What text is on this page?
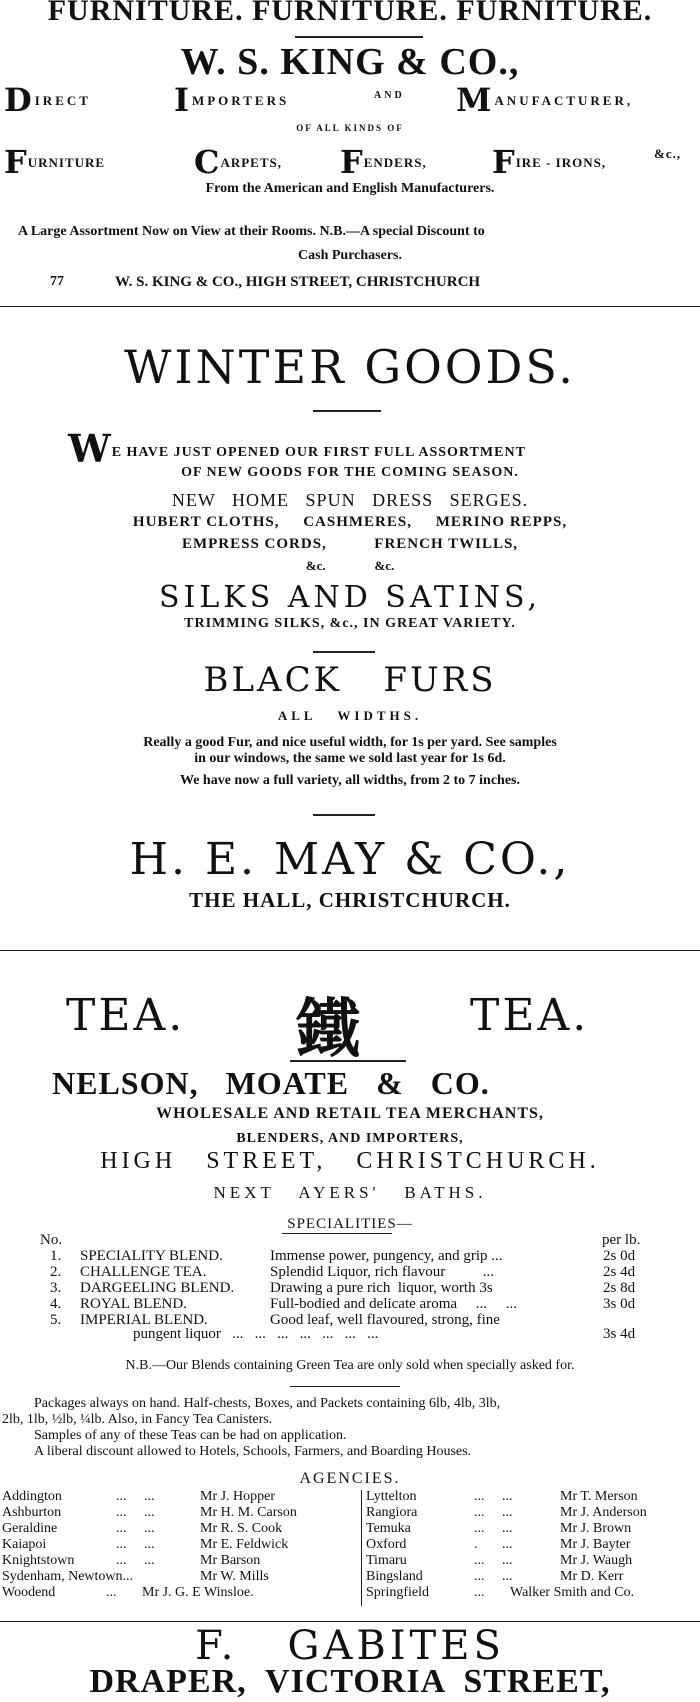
FURNITURE. FURNITURE. FURNITURE.
W. S. KING & CO.,
DIRECT	IMPORTERS	AND MANUFACTURER,
OF ALL KINDS OF
FURNITURE	CARPETS, FENDERS, FIRE - IRONS,
&c.,
From the American and English Manufacturers.
A Large Assortment Now on View at their Rooms. N.B.—A special Discount to
Cash Purchasers.
77	W. S. KING & CO., HIGH STREET, CHRISTCHURCH
WINTER GOODS.
WE HAVE JUST OPENED OUR FIRST FULL ASSORTMENT
OF NEW GOODS FOR THE COMING SEASON.
NEW   HOME   SPUN   DRESS   SERGES.
HUBERT CLOTHS,     CASHMERES,     MERINO REPPS,
EMPRESS CORDS,          FRENCH TWILLS,
&c.               &c.
SILKS AND SATINS,
TRIMMING SILKS, &c., IN GREAT VARIETY.
BLACK   FURS
ALL   WIDTHS.
Really a good Fur, and nice useful width, for 1s per yard. See samples
in our windows, the same we sold last year for 1s 6d.
We have now a full variety, all widths, from 2 to 7 inches.
H. E. MAY & CO.,
THE HALL, CHRISTCHURCH.
TEA. 鐵	TEA.
NELSON,   MOATE   &   CO.
WHOLESALE AND RETAIL TEA MERCHANTS,
BLENDERS, AND IMPORTERS,
HIGH   STREET,   CHRISTCHURCH.
NEXT   AYERS'   BATHS.
SPECIALITIES—
No.	per lb.
1. SPECIALITY BLEND.	Immense power, pungency, and grip ...	2s 0d
2. CHALLENGE TEA.	Splendid Liquor, rich flavour          ...	2s 4d
3. DARGEELING BLEND. Drawing a pure rich  liquor, worth 3s	2s 8d
4. ROYAL BLEND.	Full-bodied and delicate aroma     ...     ...	3s 0d
5. IMPERIAL BLEND.	Good leaf, well flavoured, strong, fine
pungent liquor   ...   ...   ...   ...   ...   ...   ...	3s 4d
N.B.—Our Blends containing Green Tea are only sold when specially asked for.
Packages always on hand. Half-chests, Boxes, and Packets containing 6lb, 4lb, 3lb,
2lb, 1lb, ½lb, ¼lb. Also, in Fancy Tea Canisters.
Samples of any of these Teas can be had on application.
A liberal discount allowed to Hotels, Schools, Farmers, and Boarding Houses.
AGENCIES.
Addington	...     ...	Mr J. Hopper
Ashburton	...     ...	Mr H. M. Carson
Geraldine	...     ...	Mr R. S. Cook
Kaiapoi	...     ...	Mr E. Feldwick
Knightstown	...     ...	Mr Barson
Sydenham, Newtown...	Mr W. Mills
Woodend	... Mr J. G. E Winsloe.
Lyttelton	...     ...	Mr T. Merson
Rangiora	...     ...	Mr J. Anderson
Temuka	...     ...	Mr J. Brown
Oxford	.       ...	Mr J. Bayter
Timaru	...     ...	Mr J. Waugh
Bingsland	...     ...	Mr D. Kerr
Springfield	... Walker Smith and Co.
F.   GABITES
DRAPER,  VICTORIA  STREET,
